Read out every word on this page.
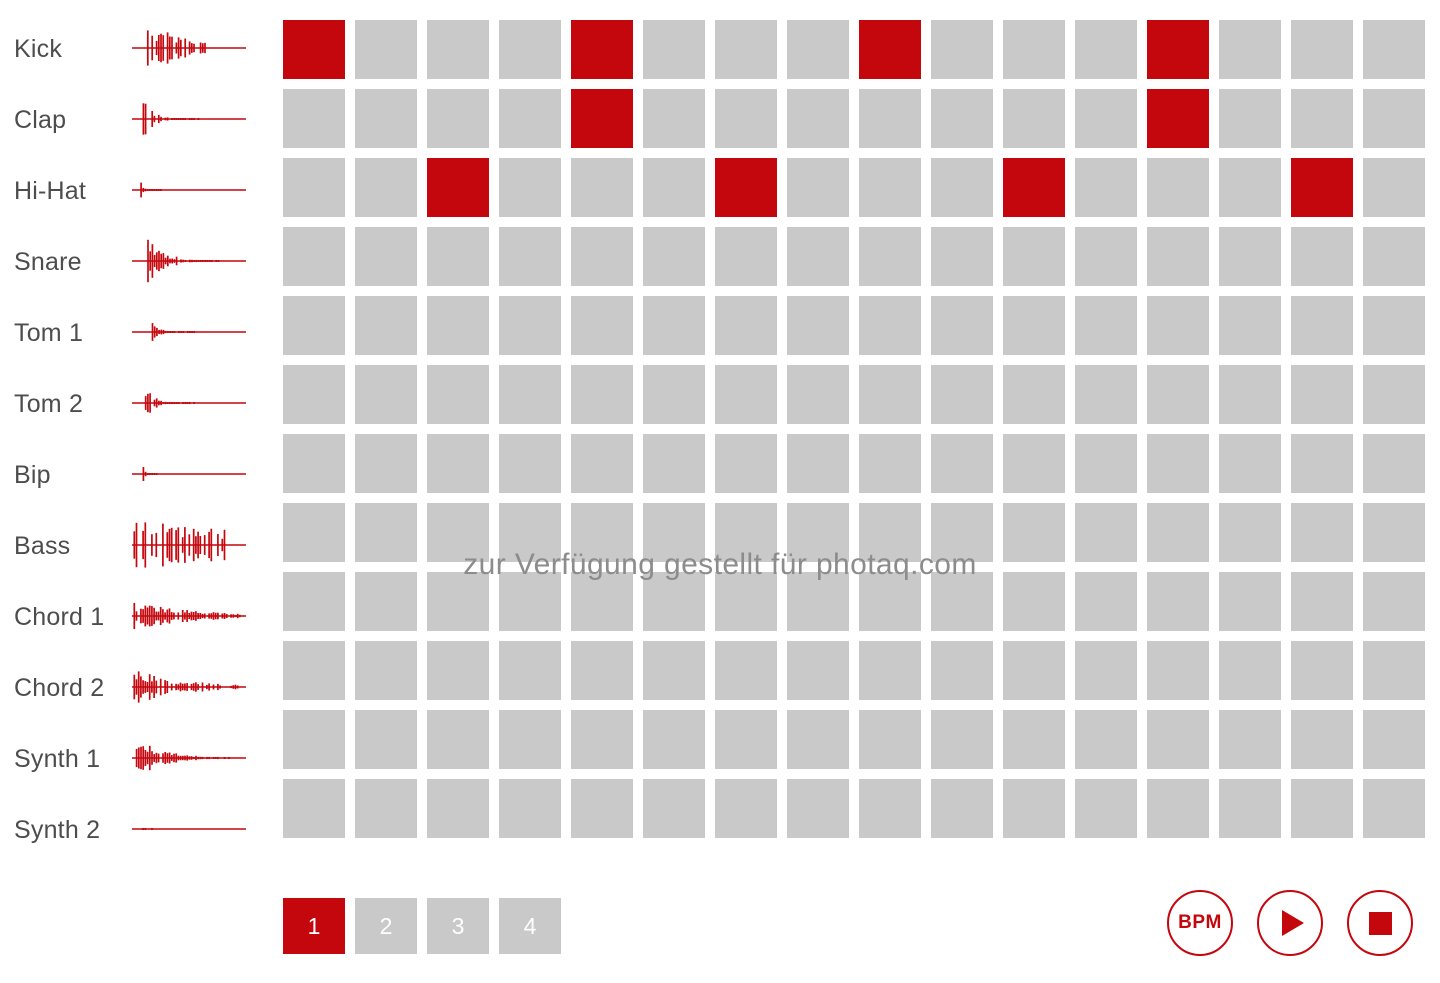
Kick
Clap
Hi-Hat
Snare
Tom 1
Tom 2
Bip
Bass
Chord 1
Chord 2
Synth 1
Synth 2
zur Verfügung gestellt für photaq.com
1	2	3	4	BPM
